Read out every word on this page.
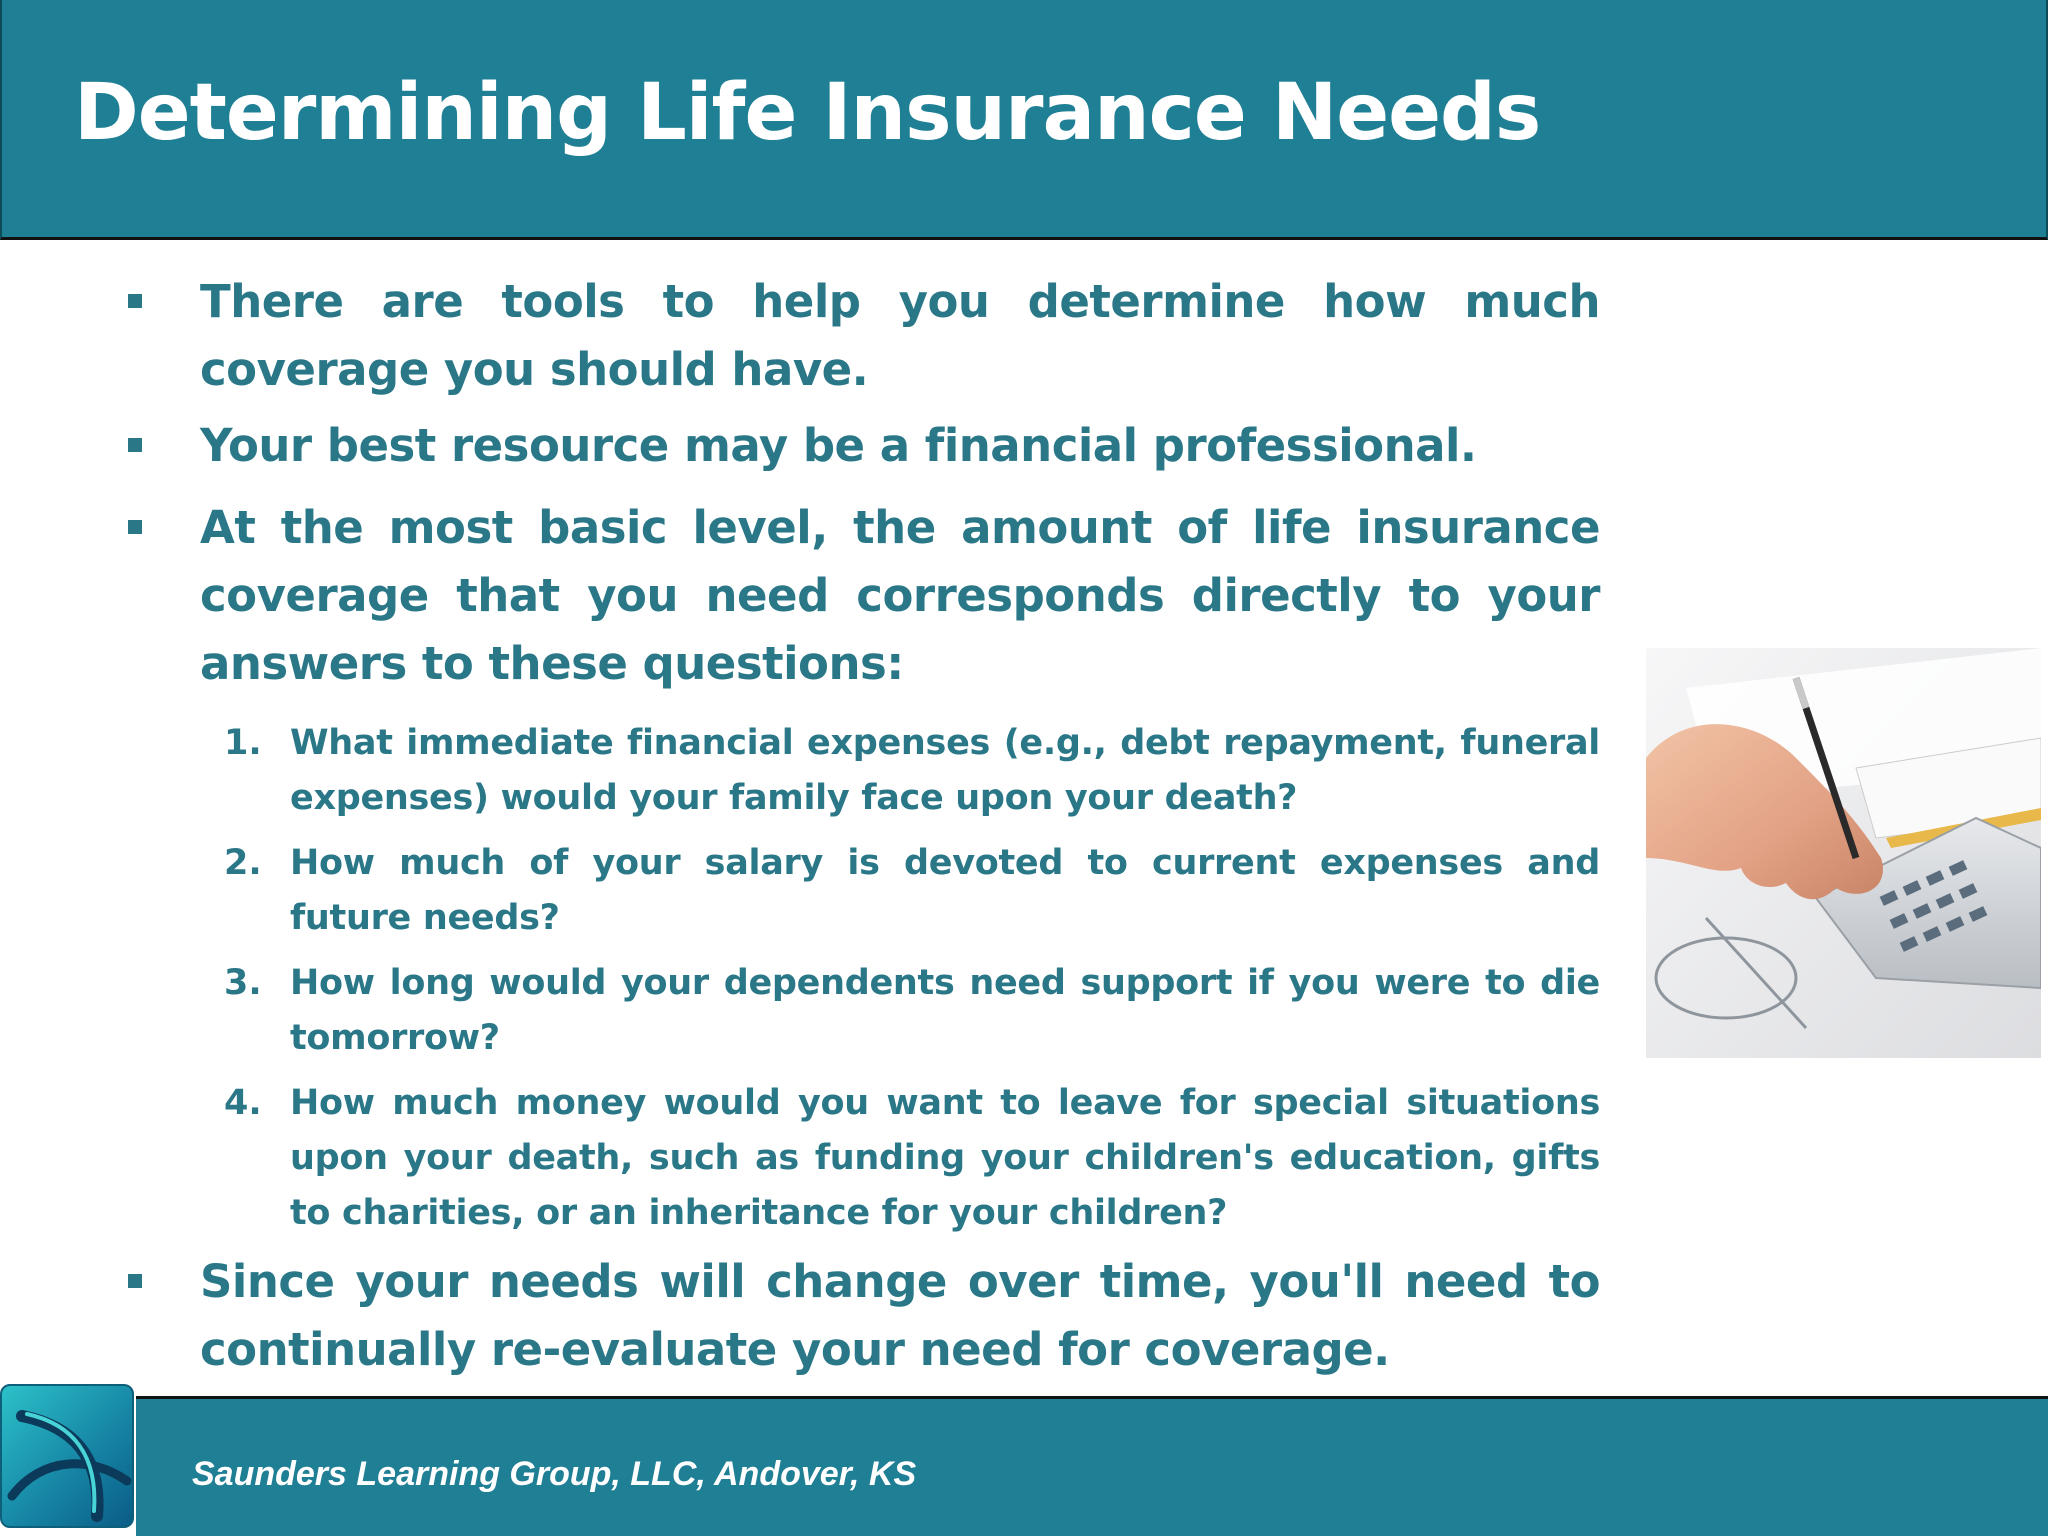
Determining Life Insurance Needs
There are tools to help you determine how much coverage you should have.
Your best resource may be a financial professional.
At the most basic level, the amount of life insurance coverage that you need corresponds directly to your answers to these questions:
1. What immediate financial expenses (e.g., debt repayment, funeral expenses) would your family face upon your death?
2. How much of your salary is devoted to current expenses and future needs?
3. How long would your dependents need support if you were to die tomorrow?
4. How much money would you want to leave for special situations upon your death, such as funding your children's education, gifts to charities, or an inheritance for your children?
Since your needs will change over time, you'll need to continually re-evaluate your need for coverage.
Saunders Learning Group, LLC, Andover, KS
